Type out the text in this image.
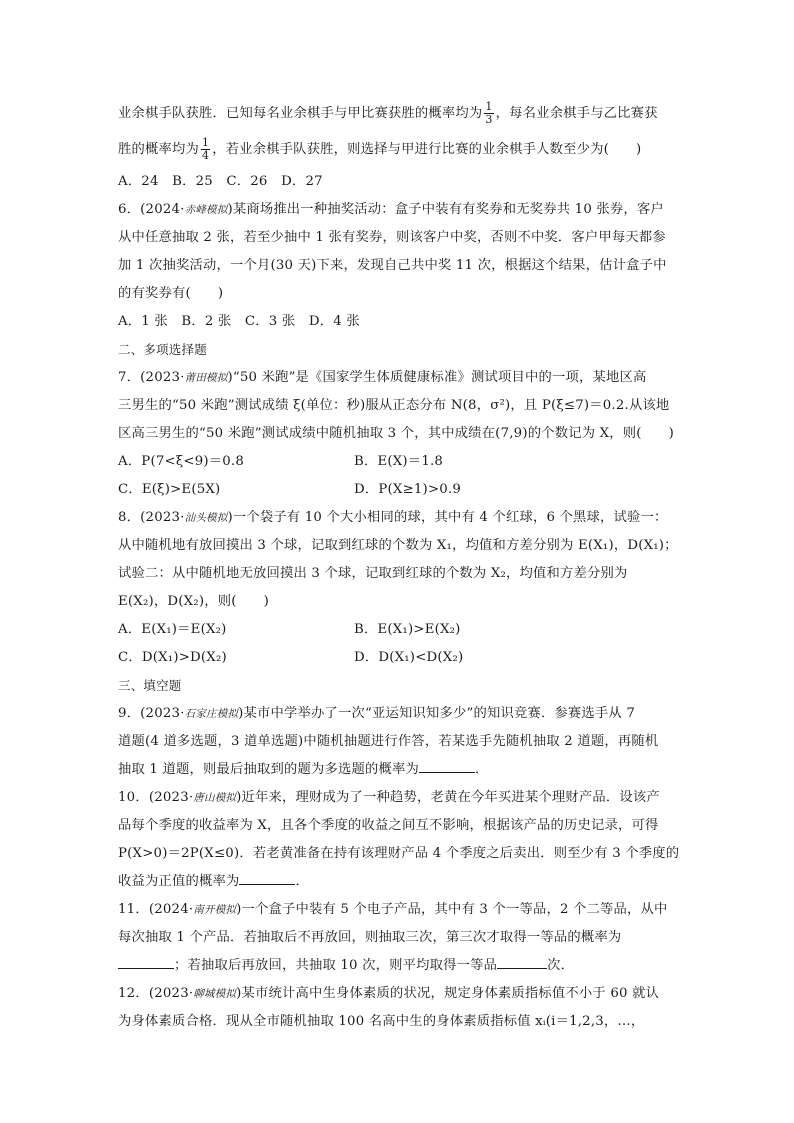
业余棋手队获胜．已知每名业余棋手与甲比赛获胜的概率均为 $\frac{1}{3}$ ，每名业余棋手与乙比赛获
胜的概率均为 $\frac{1}{4}$ ，若业余棋手队获胜，则选择与甲进行比赛的业余棋手人数至少为(　　)
A．24　B．25　C．26　D．27
6．(2024·赤峰模拟)某商场推出一种抽奖活动：盒子中装有有奖券和无奖券共 10 张券，客户
从中任意抽取 2 张，若至少抽中 1 张有奖券，则该客户中奖，否则不中奖．客户甲每天都参
加 1 次抽奖活动，一个月(30 天)下来，发现自己共中奖 11 次，根据这个结果，估计盒子中
的有奖券有(　　)
A．1 张　B．2 张　C．3 张　D．4 张
二、多项选择题
7．(2023·莆田模拟)“50 米跑”是《国家学生体质健康标准》测试项目中的一项，某地区高
三男生的“50 米跑”测试成绩 ξ(单位：秒)服从正态分布 N(8，σ²)，且 P(ξ≤7)＝0.2.从该地
区高三男生的“50 米跑”测试成绩中随机抽取 3 个，其中成绩在(7,9)的个数记为 X，则(　　)
A．P(7<ξ<9)＝0.8	B．E(X)＝1.8
C．E(ξ)>E(5X)	D．P(X≥1)>0.9
8．(2023·汕头模拟)一个袋子有 10 个大小相同的球，其中有 4 个红球，6 个黑球，试验一：
从中随机地有放回摸出 3 个球，记取到红球的个数为 X₁，均值和方差分别为 E(X₁)，D(X₁)；
试验二：从中随机地无放回摸出 3 个球，记取到红球的个数为 X₂，均值和方差分别为
E(X₂)，D(X₂)，则(　　)
A．E(X₁)＝E(X₂)	B．E(X₁)>E(X₂)
C．D(X₁)>D(X₂)	D．D(X₁)<D(X₂)
三、填空题
9．(2023·石家庄模拟)某市中学举办了一次“亚运知识知多少”的知识竞赛．参赛选手从 7
道题(4 道多选题，3 道单选题)中随机抽题进行作答，若某选手先随机抽取 2 道题，再随机
抽取 1 道题，则最后抽取到的题为多选题的概率为	．
10．(2023·唐山模拟)近年来，理财成为了一种趋势，老黄在今年买进某个理财产品．设该产
品每个季度的收益率为 X，且各个季度的收益之间互不影响，根据该产品的历史记录，可得
P(X>0)＝2P(X≤0)．若老黄准备在持有该理财产品 4 个季度之后卖出．则至少有 3 个季度的
收益为正值的概率为	．
11．(2024·南开模拟)一个盒子中装有 5 个电子产品，其中有 3 个一等品，2 个二等品，从中
每次抽取 1 个产品．若抽取后不再放回，则抽取三次，第三次才取得一等品的概率为
；若抽取后再放回，共抽取 10 次，则平均取得一等品	次．
12．(2023·聊城模拟)某市统计高中生身体素质的状况，规定身体素质指标值不小于 60 就认
为身体素质合格．现从全市随机抽取 100 名高中生的身体素质指标值 xᵢ(i＝1,2,3，…，
